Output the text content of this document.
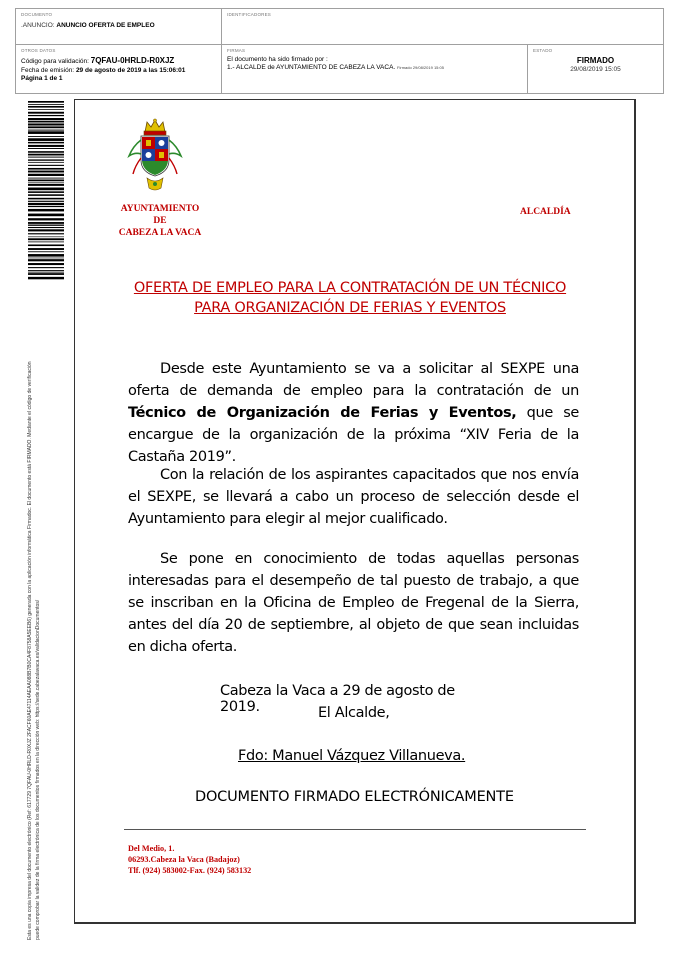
DOCUMENTO
.ANUNCIO: ANUNCIO OFERTA DE EMPLEO
IDENTIFICADORES
OTROS DATOS
Código para validación: 7QFAU-0HRLD-R0XJZ
Fecha de emisión: 29 de agosto de 2019 a las 15:06:01
Página 1 de 1
FIRMAS
El documento ha sido firmado por :
1.- ALCALDE de AYUNTAMIENTO DE CABEZA LA VACA. Firmado 29/08/2019 15:05
ESTADO
FIRMADO
29/08/2019 15:05
Esta es una copia impresa del documento electrónico (Ref: 617729 7QFAU-0HRLD-R0XJZ 2FACF60AE47114AEAA088B7B0CA4F8758A5EEB6) generada con la aplicación informática Firmadoc. El documento está FIRMADO. Mediante el código de verificación puede comprobar la validez de la firma electrónica de los documentos firmados en la dirección web: https://sede.cabezalavaca.es/validacionDocumentos/
AYUNTAMIENTO
DE
CABEZA LA VACA
ALCALDÍA
OFERTA DE EMPLEO PARA LA CONTRATACIÓN DE UN TÉCNICO
PARA ORGANIZACIÓN DE FERIAS Y EVENTOS
Desde este Ayuntamiento se va a solicitar al SEXPE una oferta de demanda de empleo para la contratación de un Técnico de Organización de Ferias y Eventos, que se encargue de la organización de la próxima “XIV Feria de la Castaña 2019”.
Con la relación de los aspirantes capacitados que nos envía el SEXPE, se llevará a cabo un proceso de selección desde el Ayuntamiento para elegir al mejor cualificado.
Se pone en conocimiento de todas aquellas personas interesadas para el desempeño de tal puesto de trabajo, a que se inscriban en la Oficina de Empleo de Fregenal de la Sierra, antes del día 20 de septiembre, al objeto de que sean incluidas en dicha oferta.
Cabeza la Vaca a 29 de agosto de 2019.	El Alcalde,
Fdo: Manuel Vázquez Villanueva.
DOCUMENTO FIRMADO ELECTRÓNICAMENTE
Del Medio, 1.
06293.Cabeza la Vaca (Badajoz)
Tlf. (924) 583002-Fax. (924) 583132
